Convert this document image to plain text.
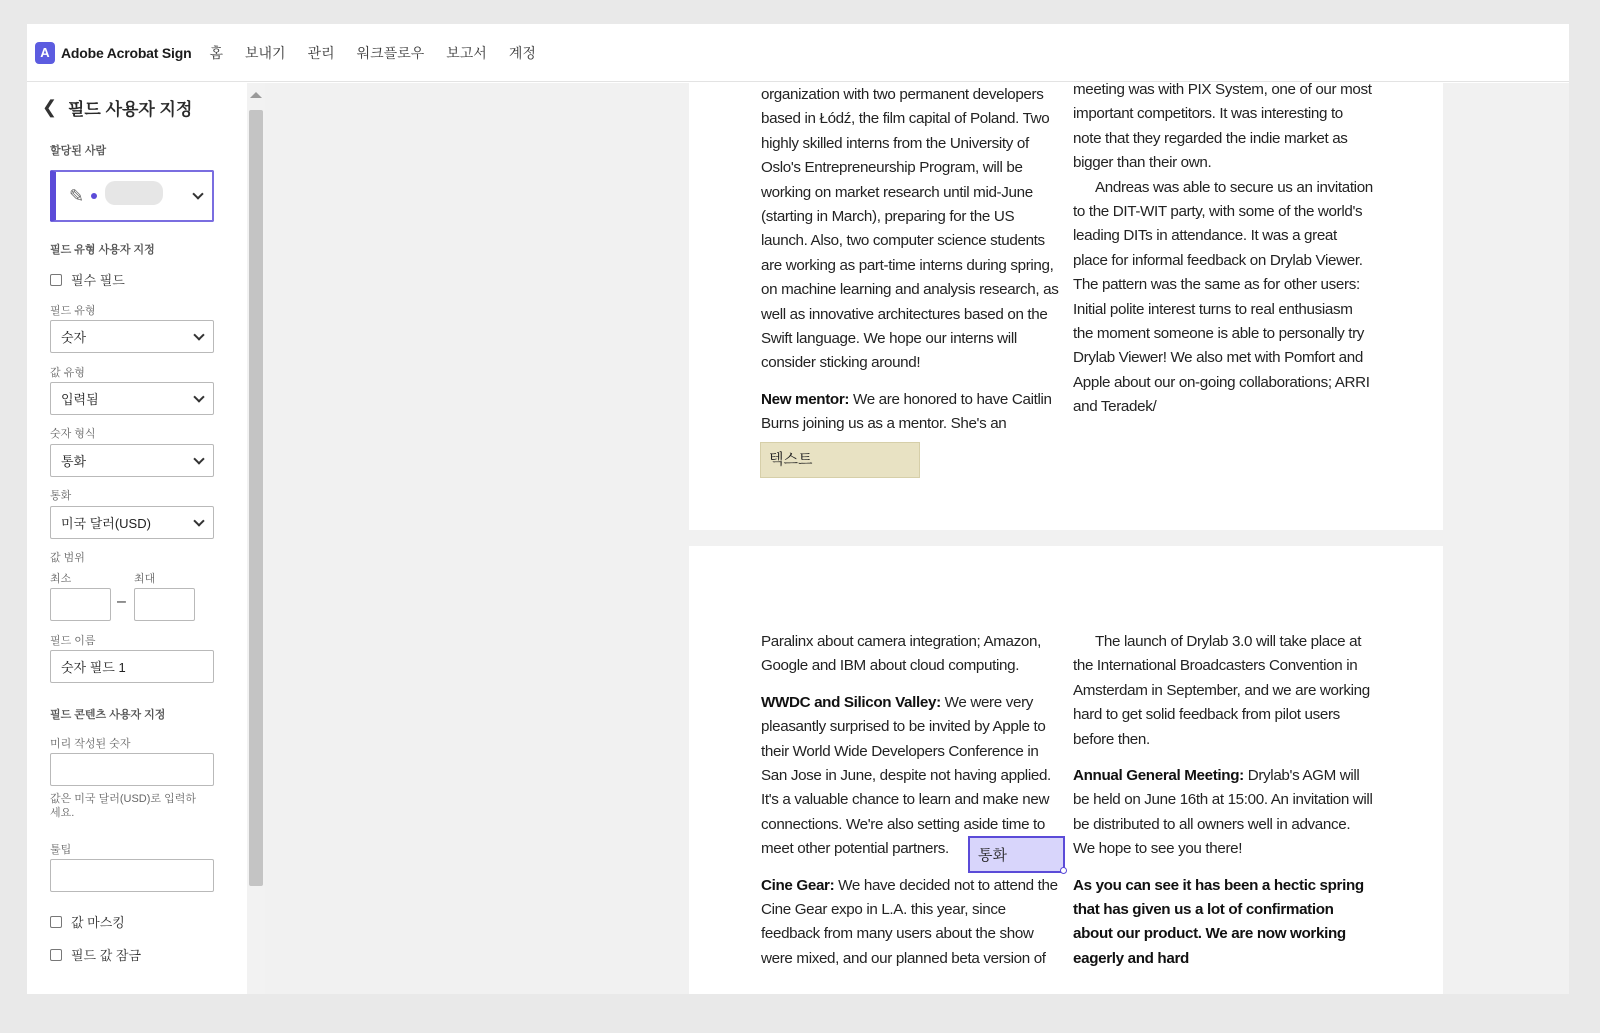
A Adobe Acrobat Sign 홈 보내기 관리 워크플로우 보고서 계정
❮ 필드 사용자 지정
할당된 사람
✎
필드 유형 사용자 지정
필수 필드
필드 유형
숫자
값 유형
입력됨
숫자 형식
통화
통화
미국 달러(USD)
값 범위
최소	최대
–
필드 이름
숫자 필드 1
필드 콘텐츠 사용자 지정
미리 작성된 숫자
값은 미국 달러(USD)로 입력하세요.
툴팁
값 마스킹
필드 값 잠금

organization with two permanent developers based in Łódź, the film capital of Poland. Two highly skilled interns from the University of Oslo's Entrepreneurship Program, will be working on market research until mid-June (starting in March), preparing for the US launch. Also, two computer science students are working as part-time interns during spring, on machine learning and analysis research, as well as innovative architectures based on the Swift language. We hope our interns will consider sticking around!

New mentor: We are honored to have Caitlin Burns joining us as a mentor. She's an

meeting was with PIX System, one of our most important competitors. It was interesting to note that they regarded the indie market as bigger than their own.

Andreas was able to secure us an invitation to the DIT-WIT party, with some of the world's leading DITs in attendance. It was a great place for informal feedback on Drylab Viewer. The pattern was the same as for other users: Initial polite interest turns to real enthusiasm the moment someone is able to personally try Drylab Viewer! We also met with Pomfort and Apple about our on-going collaborations; ARRI and Teradek/

Paralinx about camera integration; Amazon, Google and IBM about cloud computing.

WWDC and Silicon Valley: We were very pleasantly surprised to be invited by Apple to their World Wide Developers Conference in San Jose in June, despite not having applied. It's a valuable chance to learn and make new connections. We're also setting aside time to meet other potential partners.

Cine Gear: We have decided not to attend the Cine Gear expo in L.A. this year, since feedback from many users about the show were mixed, and our planned beta version of

The launch of Drylab 3.0 will take place at the International Broadcasters Convention in Amsterdam in September, and we are working hard to get solid feedback from pilot users before then.

Annual General Meeting: Drylab's AGM will be held on June 16th at 15:00. An invitation will be distributed to all owners well in advance. We hope to see you there!

As you can see it has been a hectic spring that has given us a lot of confirmation about our product. We are now working eagerly and hard

텍스트
통화
